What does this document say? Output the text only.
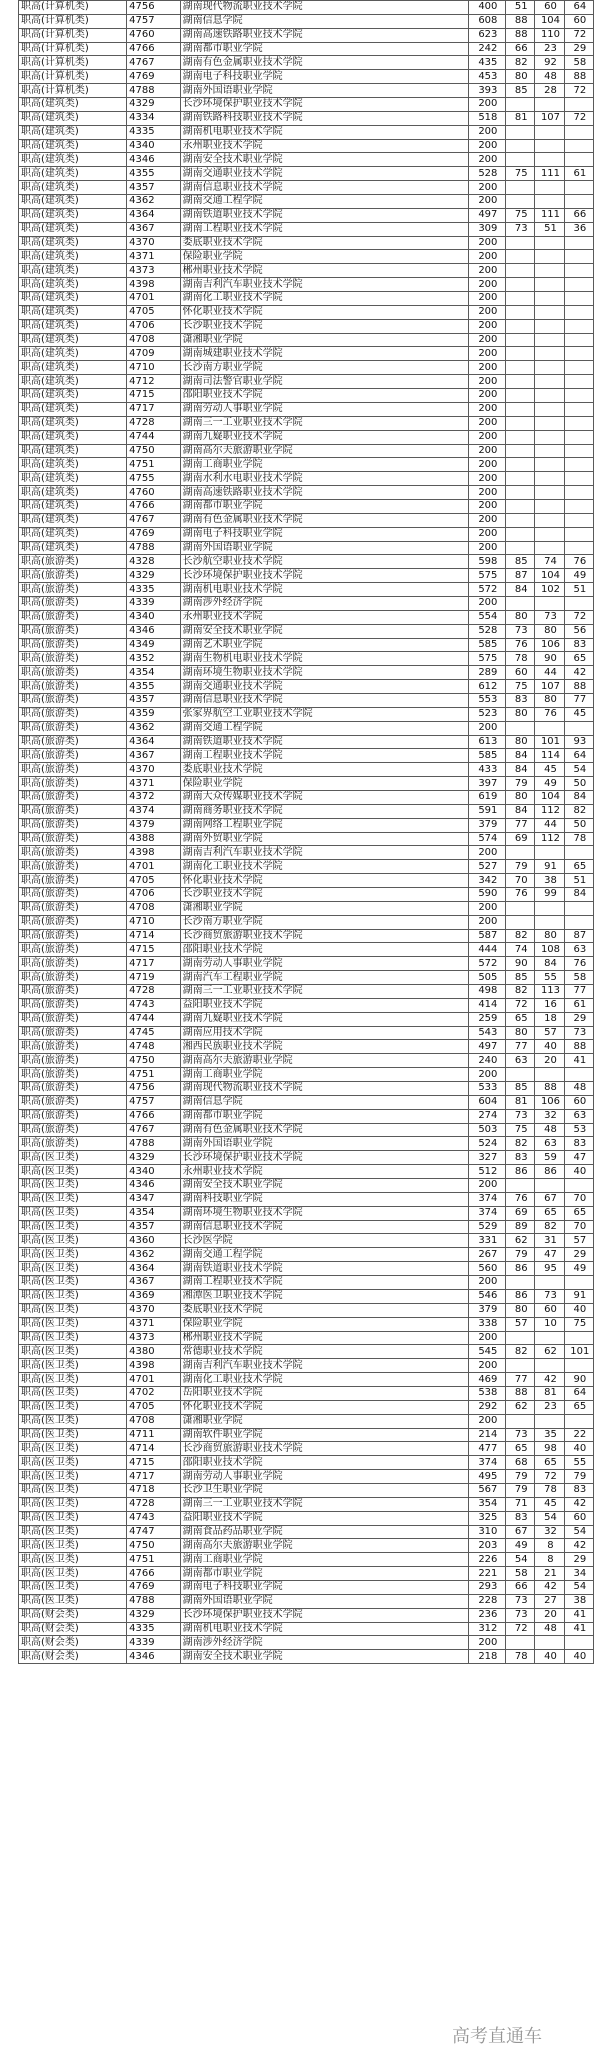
职高(计算机类)	4756	湖南现代物流职业技术学院	400	51	60	64
职高(计算机类)	4757	湖南信息学院	608	88	104	60
职高(计算机类)	4760	湖南高速铁路职业技术学院	623	88	110	72
职高(计算机类)	4766	湖南都市职业学院	242	66	23	29
职高(计算机类)	4767	湖南有色金属职业技术学院	435	82	92	58
职高(计算机类)	4769	湖南电子科技职业学院	453	80	48	88
职高(计算机类)	4788	湖南外国语职业学院	393	85	28	72
职高(建筑类)	4329	长沙环境保护职业技术学院	200			
职高(建筑类)	4334	湖南铁路科技职业技术学院	518	81	107	72
职高(建筑类)	4335	湖南机电职业技术学院	200			
职高(建筑类)	4340	永州职业技术学院	200			
职高(建筑类)	4346	湖南安全技术职业学院	200			
职高(建筑类)	4355	湖南交通职业技术学院	528	75	111	61
职高(建筑类)	4357	湖南信息职业技术学院	200			
职高(建筑类)	4362	湖南交通工程学院	200			
职高(建筑类)	4364	湖南铁道职业技术学院	497	75	111	66
职高(建筑类)	4367	湖南工程职业技术学院	309	73	51	36
职高(建筑类)	4370	娄底职业技术学院	200			
职高(建筑类)	4371	保险职业学院	200			
职高(建筑类)	4373	郴州职业技术学院	200			
职高(建筑类)	4398	湖南吉利汽车职业技术学院	200			
职高(建筑类)	4701	湖南化工职业技术学院	200			
职高(建筑类)	4705	怀化职业技术学院	200			
职高(建筑类)	4706	长沙职业技术学院	200			
职高(建筑类)	4708	潇湘职业学院	200			
职高(建筑类)	4709	湖南城建职业技术学院	200			
职高(建筑类)	4710	长沙南方职业学院	200			
职高(建筑类)	4712	湖南司法警官职业学院	200			
职高(建筑类)	4715	邵阳职业技术学院	200			
职高(建筑类)	4717	湖南劳动人事职业学院	200			
职高(建筑类)	4728	湖南三一工业职业技术学院	200			
职高(建筑类)	4744	湖南九嶷职业技术学院	200			
职高(建筑类)	4750	湖南高尔夫旅游职业学院	200			
职高(建筑类)	4751	湖南工商职业学院	200			
职高(建筑类)	4755	湖南水利水电职业技术学院	200			
职高(建筑类)	4760	湖南高速铁路职业技术学院	200			
职高(建筑类)	4766	湖南都市职业学院	200			
职高(建筑类)	4767	湖南有色金属职业技术学院	200			
职高(建筑类)	4769	湖南电子科技职业学院	200			
职高(建筑类)	4788	湖南外国语职业学院	200			
职高(旅游类)	4328	长沙航空职业技术学院	598	85	74	76
职高(旅游类)	4329	长沙环境保护职业技术学院	575	87	104	49
职高(旅游类)	4335	湖南机电职业技术学院	572	84	102	51
职高(旅游类)	4339	湖南涉外经济学院	200			
职高(旅游类)	4340	永州职业技术学院	554	80	73	72
职高(旅游类)	4346	湖南安全技术职业学院	528	73	80	56
职高(旅游类)	4349	湖南艺术职业学院	585	76	106	83
职高(旅游类)	4352	湖南生物机电职业技术学院	575	78	90	65
职高(旅游类)	4354	湖南环境生物职业技术学院	289	60	44	42
职高(旅游类)	4355	湖南交通职业技术学院	612	75	107	88
职高(旅游类)	4357	湖南信息职业技术学院	553	83	80	77
职高(旅游类)	4359	张家界航空工业职业技术学院	523	80	76	45
职高(旅游类)	4362	湖南交通工程学院	200			
职高(旅游类)	4364	湖南铁道职业技术学院	613	80	101	93
职高(旅游类)	4367	湖南工程职业技术学院	585	84	114	64
职高(旅游类)	4370	娄底职业技术学院	433	84	45	54
职高(旅游类)	4371	保险职业学院	397	79	49	50
职高(旅游类)	4372	湖南大众传媒职业技术学院	619	80	104	84
职高(旅游类)	4374	湖南商务职业技术学院	591	84	112	82
职高(旅游类)	4379	湖南网络工程职业学院	379	77	44	50
职高(旅游类)	4388	湖南外贸职业学院	574	69	112	78
职高(旅游类)	4398	湖南吉利汽车职业技术学院	200			
职高(旅游类)	4701	湖南化工职业技术学院	527	79	91	65
职高(旅游类)	4705	怀化职业技术学院	342	70	38	51
职高(旅游类)	4706	长沙职业技术学院	590	76	99	84
职高(旅游类)	4708	潇湘职业学院	200			
职高(旅游类)	4710	长沙南方职业学院	200			
职高(旅游类)	4714	长沙商贸旅游职业技术学院	587	82	80	87
职高(旅游类)	4715	邵阳职业技术学院	444	74	108	63
职高(旅游类)	4717	湖南劳动人事职业学院	572	90	84	76
职高(旅游类)	4719	湖南汽车工程职业学院	505	85	55	58
职高(旅游类)	4728	湖南三一工业职业技术学院	498	82	113	77
职高(旅游类)	4743	益阳职业技术学院	414	72	16	61
职高(旅游类)	4744	湖南九嶷职业技术学院	259	65	18	29
职高(旅游类)	4745	湖南应用技术学院	543	80	57	73
职高(旅游类)	4748	湘西民族职业技术学院	497	77	40	88
职高(旅游类)	4750	湖南高尔夫旅游职业学院	240	63	20	41
职高(旅游类)	4751	湖南工商职业学院	200			
职高(旅游类)	4756	湖南现代物流职业技术学院	533	85	88	48
职高(旅游类)	4757	湖南信息学院	604	81	106	60
职高(旅游类)	4766	湖南都市职业学院	274	73	32	63
职高(旅游类)	4767	湖南有色金属职业技术学院	503	75	48	53
职高(旅游类)	4788	湖南外国语职业学院	524	82	63	83
职高(医卫类)	4329	长沙环境保护职业技术学院	327	83	59	47
职高(医卫类)	4340	永州职业技术学院	512	86	86	40
职高(医卫类)	4346	湖南安全技术职业学院	200			
职高(医卫类)	4347	湖南科技职业学院	374	76	67	70
职高(医卫类)	4354	湖南环境生物职业技术学院	374	69	65	65
职高(医卫类)	4357	湖南信息职业技术学院	529	89	82	70
职高(医卫类)	4360	长沙医学院	331	62	31	57
职高(医卫类)	4362	湖南交通工程学院	267	79	47	29
职高(医卫类)	4364	湖南铁道职业技术学院	560	86	95	49
职高(医卫类)	4367	湖南工程职业技术学院	200			
职高(医卫类)	4369	湘潭医卫职业技术学院	546	86	73	91
职高(医卫类)	4370	娄底职业技术学院	379	80	60	40
职高(医卫类)	4371	保险职业学院	338	57	10	75
职高(医卫类)	4373	郴州职业技术学院	200			
职高(医卫类)	4380	常德职业技术学院	545	82	62	101
职高(医卫类)	4398	湖南吉利汽车职业技术学院	200			
职高(医卫类)	4701	湖南化工职业技术学院	469	77	42	90
职高(医卫类)	4702	岳阳职业技术学院	538	88	81	64
职高(医卫类)	4705	怀化职业技术学院	292	62	23	65
职高(医卫类)	4708	潇湘职业学院	200			
职高(医卫类)	4711	湖南软件职业学院	214	73	35	22
职高(医卫类)	4714	长沙商贸旅游职业技术学院	477	65	98	40
职高(医卫类)	4715	邵阳职业技术学院	374	68	65	55
职高(医卫类)	4717	湖南劳动人事职业学院	495	79	72	79
职高(医卫类)	4718	长沙卫生职业学院	567	79	78	83
职高(医卫类)	4728	湖南三一工业职业技术学院	354	71	45	42
职高(医卫类)	4743	益阳职业技术学院	325	83	54	60
职高(医卫类)	4747	湖南食品药品职业学院	310	67	32	54
职高(医卫类)	4750	湖南高尔夫旅游职业学院	203	49	8	42
职高(医卫类)	4751	湖南工商职业学院	226	54	8	29
职高(医卫类)	4766	湖南都市职业学院	221	58	21	34
职高(医卫类)	4769	湖南电子科技职业学院	293	66	42	54
职高(医卫类)	4788	湖南外国语职业学院	228	73	27	38
职高(财会类)	4329	长沙环境保护职业技术学院	236	73	20	41
职高(财会类)	4335	湖南机电职业技术学院	312	72	48	41
职高(财会类)	4339	湖南涉外经济学院	200			
职高(财会类)	4346	湖南安全技术职业学院	218	78	40	40
高考直通车
